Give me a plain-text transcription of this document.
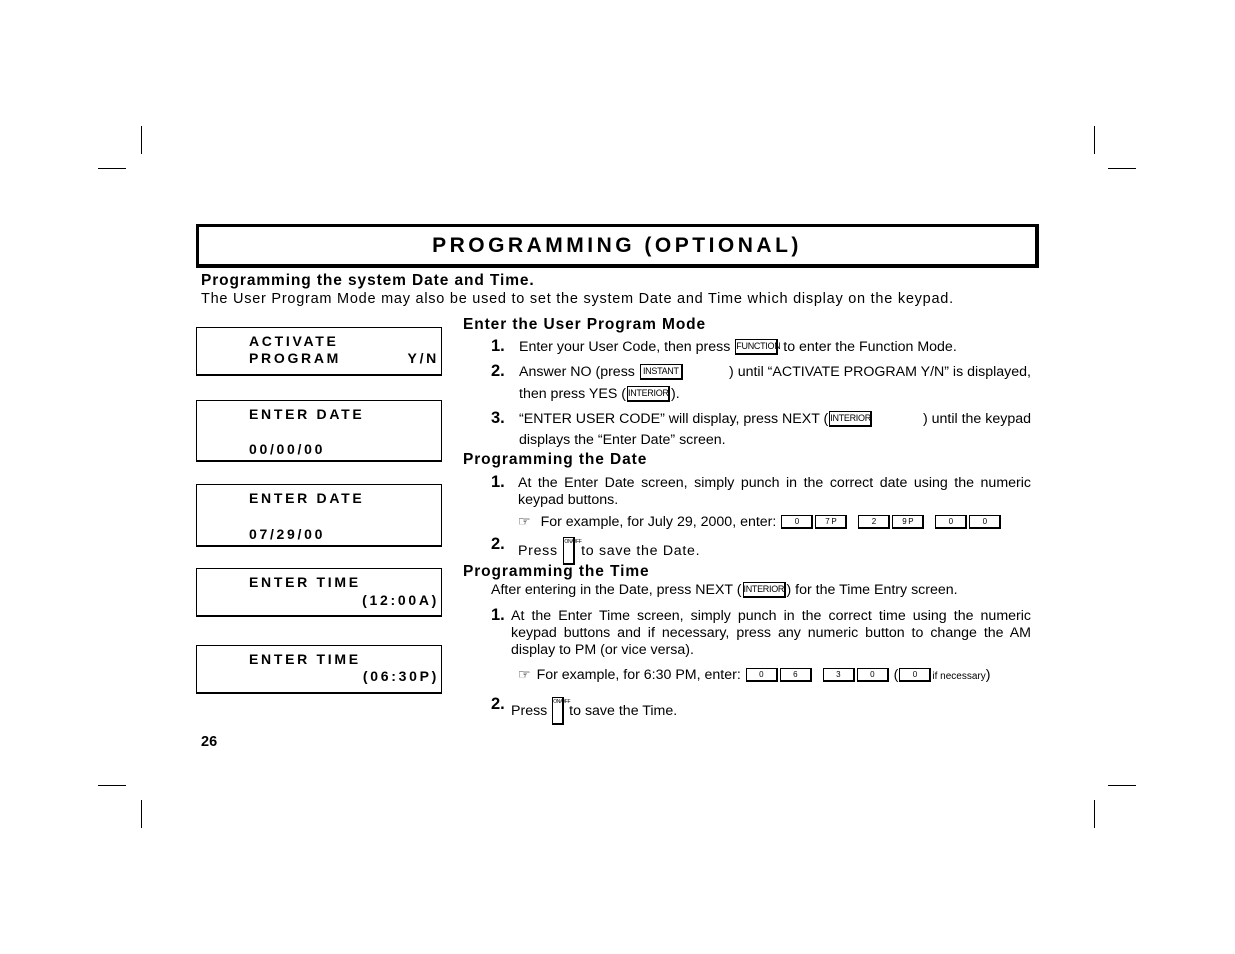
PROGRAMMING (OPTIONAL)
Programming the system Date and Time.
The User Program Mode may also be used to set the system Date and Time which display on the keypad.
ACTIVATE
PROGRAM	Y/N
ENTER DATE
00/00/00
ENTER DATE
07/29/00
ENTER TIME
(12:00A)
ENTER TIME
(06:30P)
Enter the User Program Mode
1. Enter your User Code, then press FUNCTION to enter the Function Mode.
2. Answer NO (press INSTANT	) until “ACTIVATE PROGRAM Y/N” is displayed,
then press YES ( INTERIOR ).
3. “ENTER USER CODE” will display, press NEXT ( INTERIOR	) until the keypad
displays the “Enter Date” screen.
Programming the Date
1. At the Enter Date screen, simply punch in the correct date using the numeric keypad buttons.
☞ For example, for July 29, 2000, enter: 0	7 P	2	9 P	0	0
2. Press ON/OFF to save the Date.
Programming the Time
After entering in the Date, press NEXT ( INTERIOR ) for the Time Entry screen.
1. At the Enter Time screen, simply punch in the correct time using the numeric keypad buttons and if necessary, press any numeric button to change the AM display to PM (or vice versa).
☞ For example, for 6:30 PM, enter: 0	6	3	0 ( 0 if necessary)
2. Press ON/OFF to save the Time.
26
